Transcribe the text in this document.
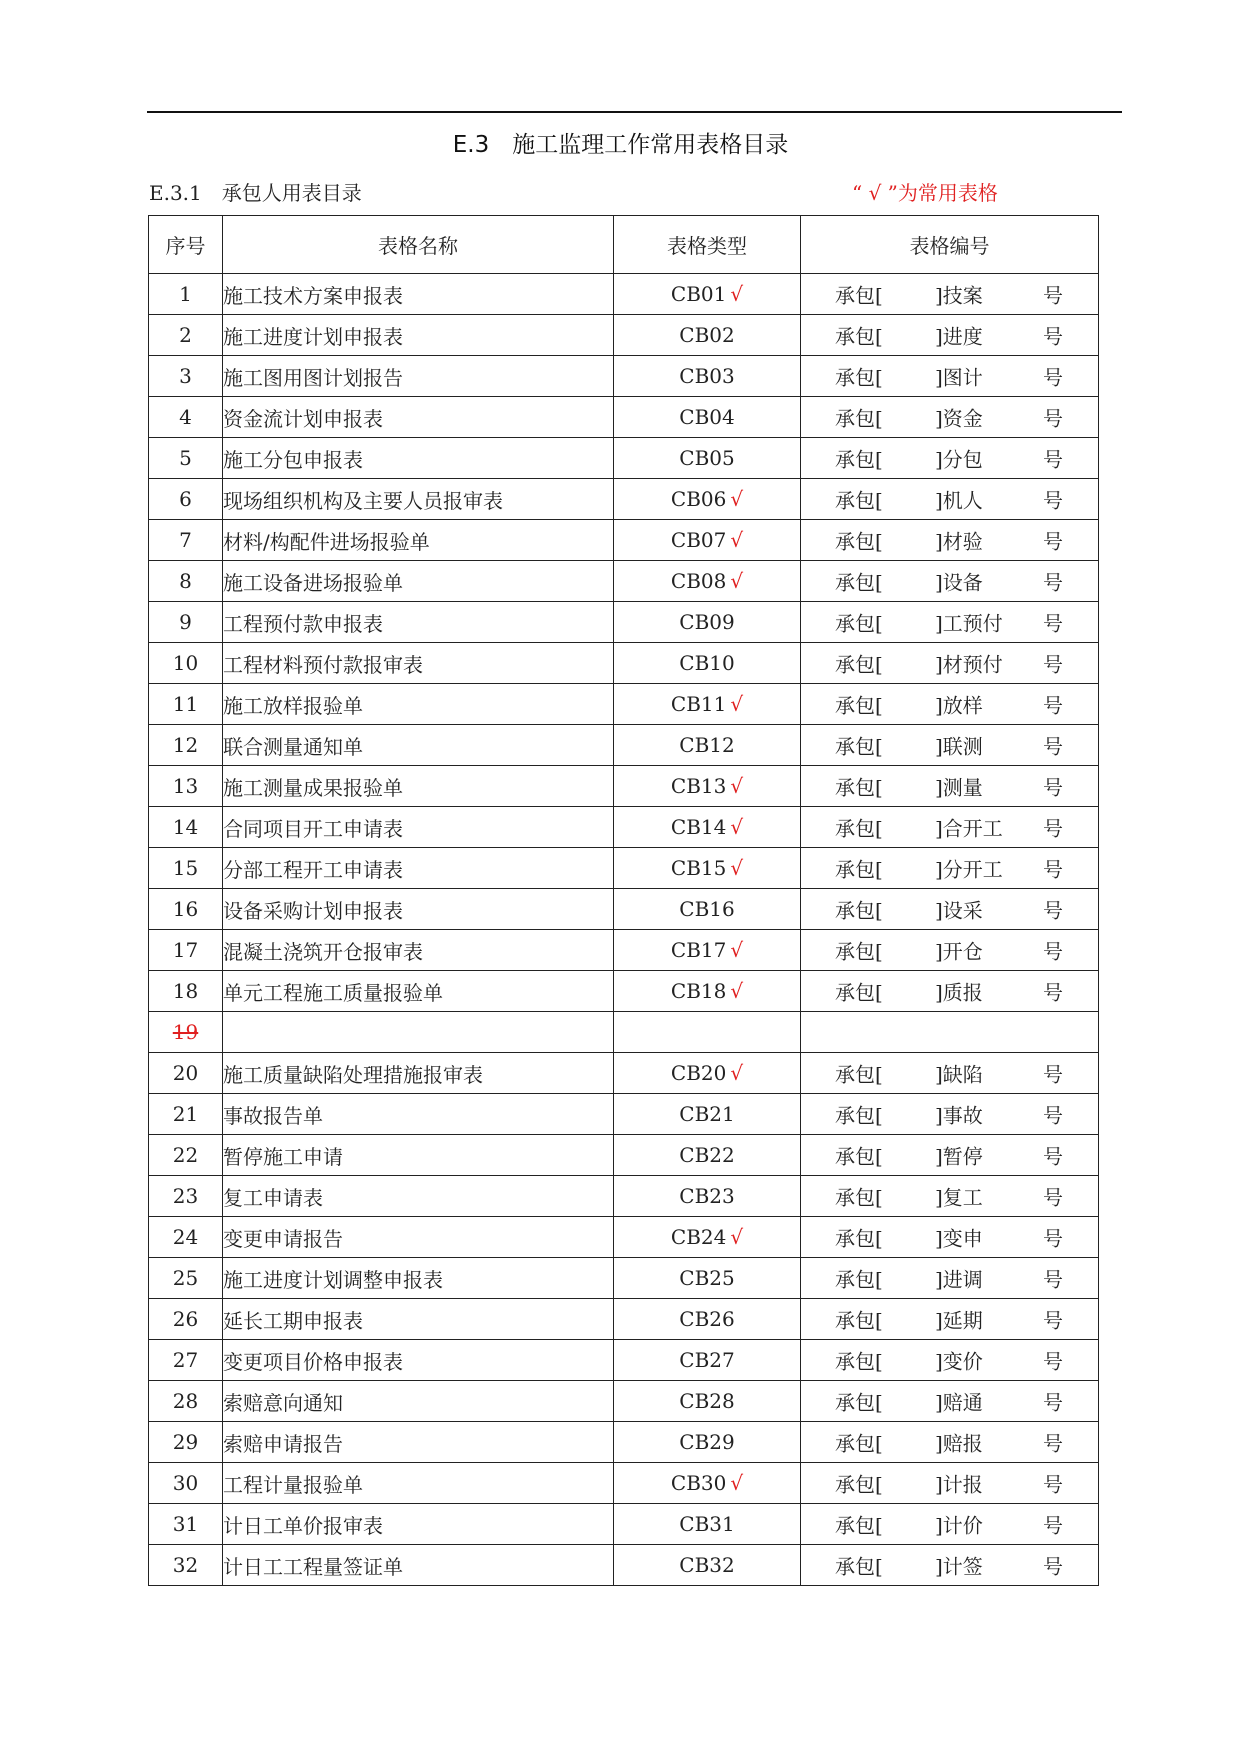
E.3　施工监理工作常用表格目录
E.3.1　承包人用表目录	“ √ ”为常用表格
序号	表格名称	表格类型	表格编号
1	施工技术方案申报表	CB01 √	承包[ ]技案 号

2	施工进度计划申报表	CB02	承包[ ]进度 号

3	施工图用图计划报告	CB03	承包[ ]图计 号

4	资金流计划申报表	CB04	承包[ ]资金 号

5	施工分包申报表	CB05	承包[ ]分包 号

6	现场组织机构及主要人员报审表	CB06 √	承包[ ]机人 号

7	材料/构配件进场报验单	CB07 √	承包[ ]材验 号

8	施工设备进场报验单	CB08 √	承包[ ]设备 号

9	工程预付款申报表	CB09	承包[ ]工预付 号

10	工程材料预付款报审表	CB10	承包[ ]材预付 号

11	施工放样报验单	CB11 √	承包[ ]放样 号

12	联合测量通知单	CB12	承包[ ]联测 号

13	施工测量成果报验单	CB13 √	承包[ ]测量 号

14	合同项目开工申请表	CB14 √	承包[ ]合开工 号

15	分部工程开工申请表	CB15 √	承包[ ]分开工 号

16	设备采购计划申报表	CB16	承包[ ]设采 号

17	混凝土浇筑开仓报审表	CB17 √	承包[ ]开仓 号

18	单元工程施工质量报验单	CB18 √	承包[ ]质报 号

19			
20	施工质量缺陷处理措施报审表	CB20 √	承包[ ]缺陷 号

21	事故报告单	CB21	承包[ ]事故 号

22	暂停施工申请	CB22	承包[ ]暂停 号

23	复工申请表	CB23	承包[ ]复工 号

24	变更申请报告	CB24 √	承包[ ]变申 号

25	施工进度计划调整申报表	CB25	承包[ ]进调 号

26	延长工期申报表	CB26	承包[ ]延期 号

27	变更项目价格申报表	CB27	承包[ ]变价 号

28	索赔意向通知	CB28	承包[ ]赔通 号

29	索赔申请报告	CB29	承包[ ]赔报 号

30	工程计量报验单	CB30 √	承包[ ]计报 号

31	计日工单价报审表	CB31	承包[ ]计价 号

32	计日工工程量签证单	CB32	承包[ ]计签 号
